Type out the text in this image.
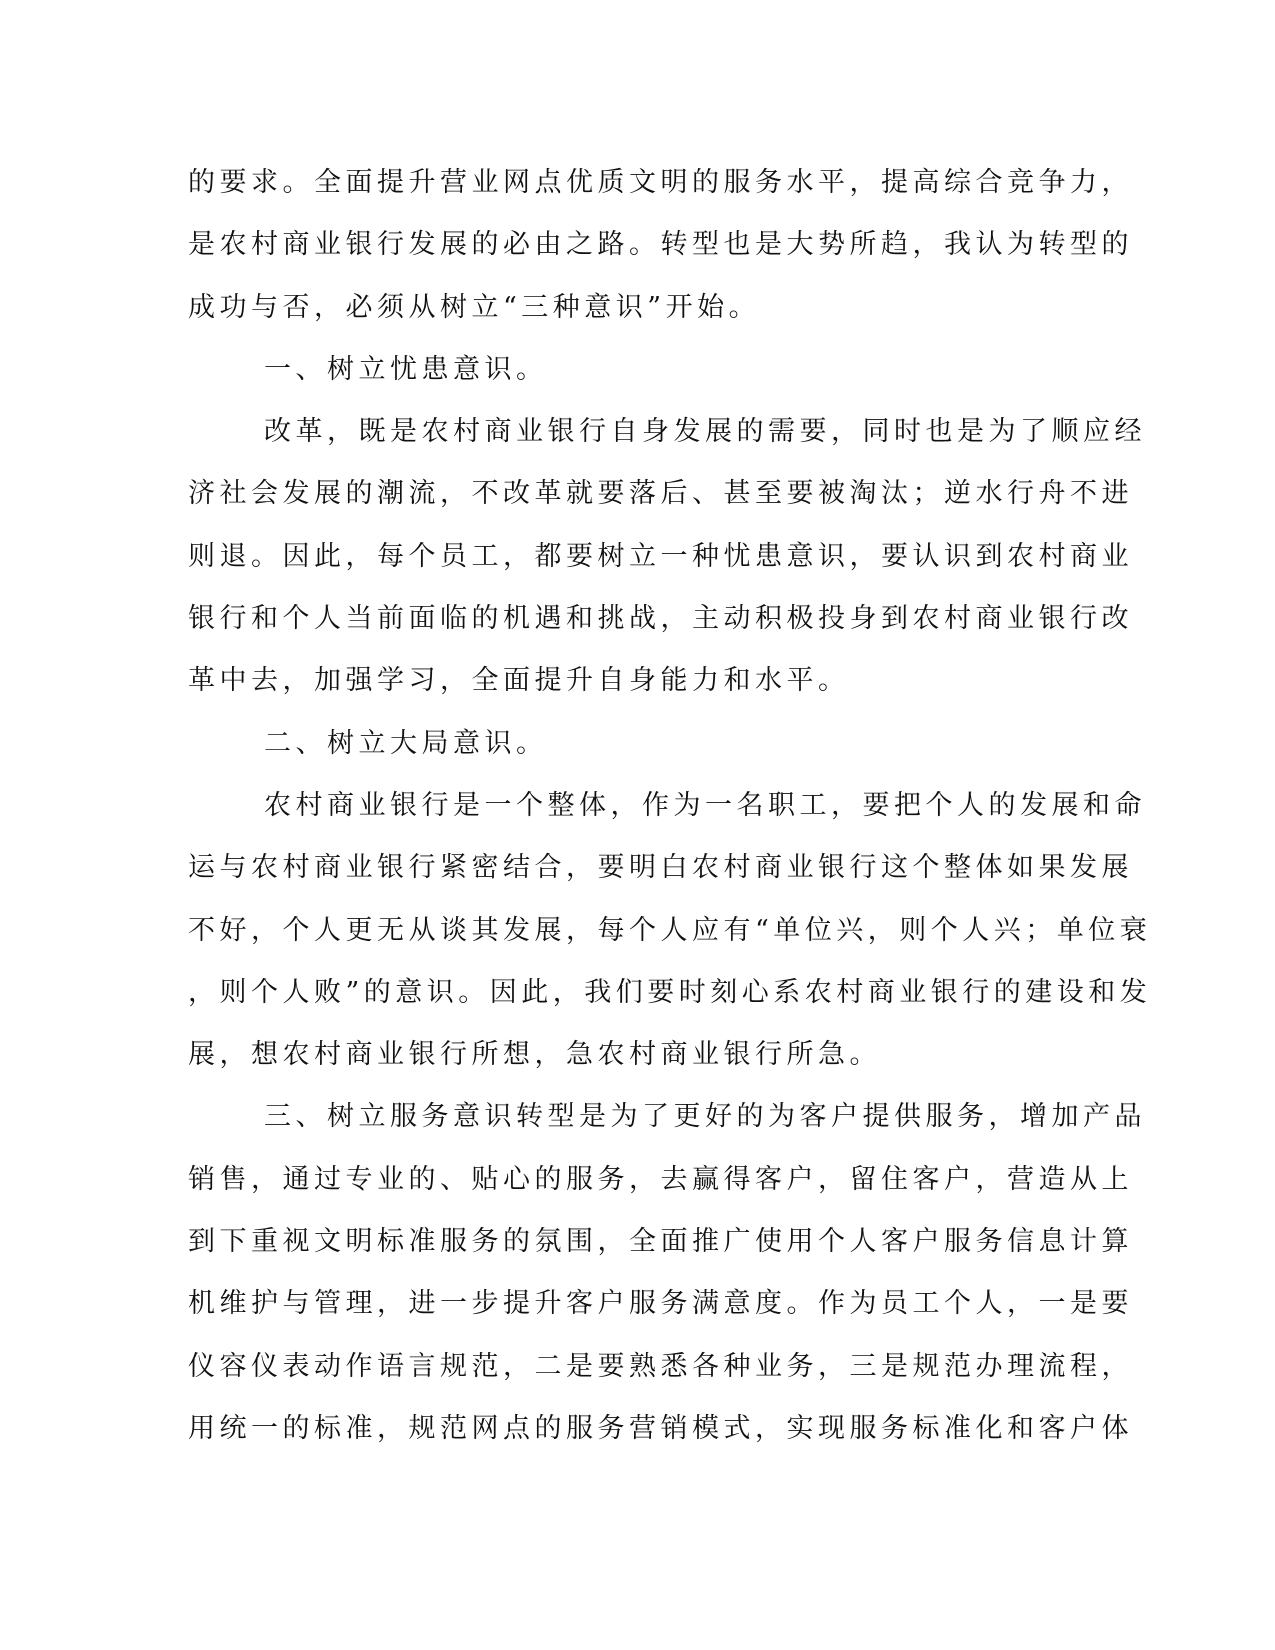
的要求。全面提升营业网点优质文明的服务水平，提高综合竞争力，
是农村商业银行发展的必由之路。转型也是大势所趋，我认为转型的
成功与否，必须从树立“三种意识”开始。
一、树立忧患意识。
改革，既是农村商业银行自身发展的需要，同时也是为了顺应经
济社会发展的潮流，不改革就要落后、甚至要被淘汰；逆水行舟不进
则退。因此，每个员工，都要树立一种忧患意识，要认识到农村商业
银行和个人当前面临的机遇和挑战，主动积极投身到农村商业银行改
革中去，加强学习，全面提升自身能力和水平。
二、树立大局意识。
农村商业银行是一个整体，作为一名职工，要把个人的发展和命
运与农村商业银行紧密结合，要明白农村商业银行这个整体如果发展
不好，个人更无从谈其发展，每个人应有“单位兴，则个人兴；单位衰
，则个人败”的意识。因此，我们要时刻心系农村商业银行的建设和发
展，想农村商业银行所想，急农村商业银行所急。
三、树立服务意识转型是为了更好的为客户提供服务，增加产品
销售，通过专业的、贴心的服务，去赢得客户，留住客户，营造从上
到下重视文明标准服务的氛围，全面推广使用个人客户服务信息计算
机维护与管理，进一步提升客户服务满意度。作为员工个人，一是要
仪容仪表动作语言规范，二是要熟悉各种业务，三是规范办理流程，
用统一的标准，规范网点的服务营销模式，实现服务标准化和客户体
